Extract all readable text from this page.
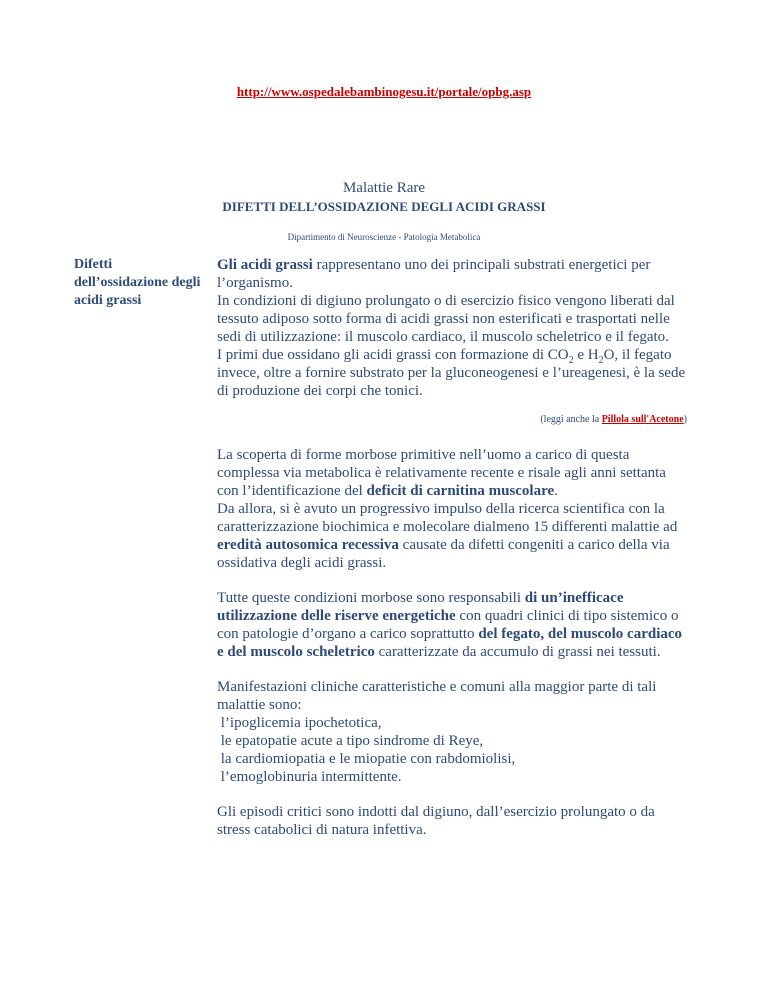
http://www.ospedalebambinogesu.it/portale/opbg.asp
Malattie Rare
DIFETTI DELL’OSSIDAZIONE DEGLI ACIDI GRASSI
Dipartimento di Neuroscienze - Patologia Metabolica
Difetti dell’ossidazione degli acidi grassi

Gli acidi grassi rappresentano uno dei principali substrati energetici per l’organismo.
In condizioni di digiuno prolungato o di esercizio fisico vengono liberati dal tessuto adiposo sotto forma di acidi grassi non esterificati e trasportati nelle sedi di utilizzazione: il muscolo cardiaco, il muscolo scheletrico e il fegato.
I primi due ossidano gli acidi grassi con formazione di $CO_2$ e $H_2O$, il fegato invece, oltre a fornire substrato per la gluconeogenesi e l’ureagenesi, è la sede di produzione dei corpi che tonici.

(leggi anche la Pillola sull'Acetone)

La scoperta di forme morbose primitive nell’uomo a carico di questa complessa via metabolica è relativamente recente e risale agli anni settanta con l’identificazione del deficit di carnitina muscolare.
Da allora, si è avuto un progressivo impulso della ricerca scientifica con la caratterizzazione biochimica e molecolare dialmeno 15 differenti malattie ad eredità autosomica recessiva causate da difetti congeniti a carico della via ossidativa degli acidi grassi.

Tutte queste condizioni morbose sono responsabili di un’inefficace utilizzazione delle riserve energetiche con quadri clinici di tipo sistemico o con patologie d’organo a carico soprattutto del fegato, del muscolo cardiaco e del muscolo scheletrico caratterizzate da accumulo di grassi nei tessuti.

Manifestazioni cliniche caratteristiche e comuni alla maggior parte di tali malattie sono:
l’ipoglicemia ipochetotica,
le epatopatie acute a tipo sindrome di Reye,
la cardiomiopatia e le miopatie con rabdomiolisi,
l’emoglobinuria intermittente.

Gli episodi critici sono indotti dal digiuno, dall’esercizio prolungato o da stress catabolici di natura infettiva.
